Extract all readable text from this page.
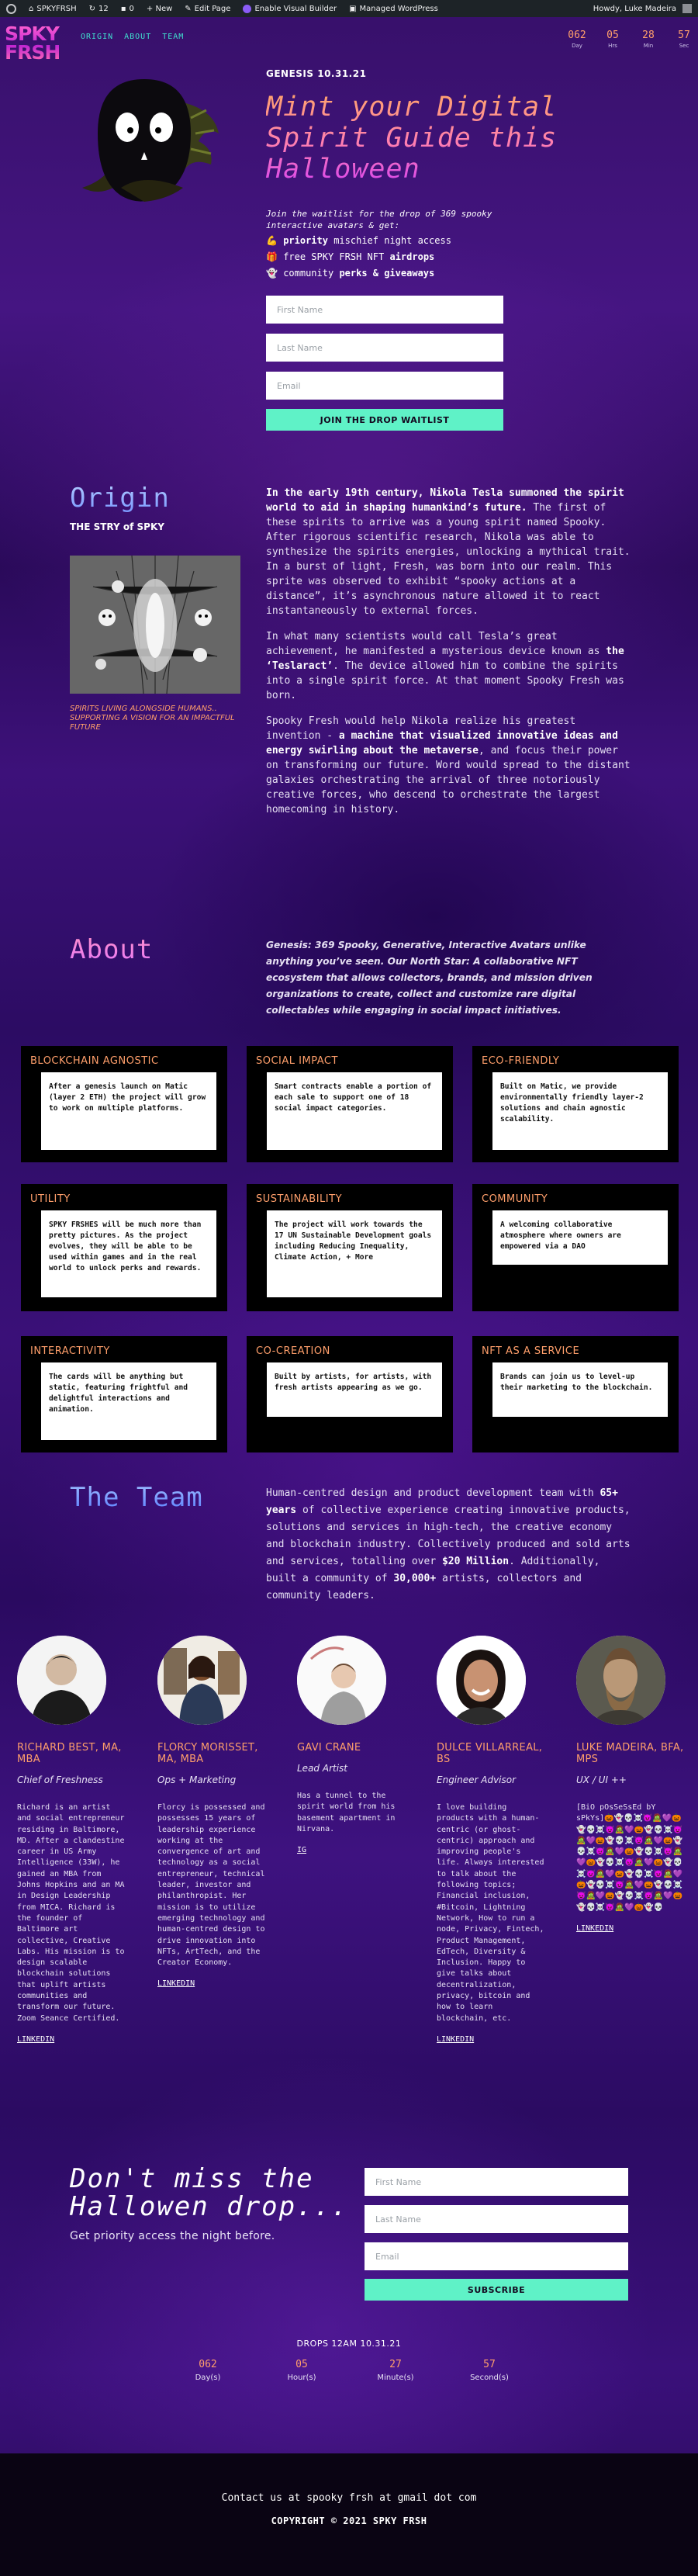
⌂ SPKYFRSH ↻ 12 ▪ 0 + New ✎ Edit Page	Enable Visual Builder ▣ Managed WordPress	Howdy, Luke Madeira
SPKY FRSH
ORIGIN ABOUT TEAM	062
Day
05
Hrs
28
Min
57
Sec
GENESIS 10.31.21
Mint your Digital Spirit Guide this Halloween
Join the waitlist for the drop of 369 spooky interactive avatars & get:
💪 priority mischief night access
🎁 free SPKY FRSH NFT airdrops
👻 community perks & giveaways
First Name
Last Name
Email
JOIN THE DROP WAITLIST
Origin
THE STRY of SPKY
SPIRITS LIVING ALONGSIDE HUMANS.. SUPPORTING A VISION FOR AN IMPACTFUL FUTURE

In the early 19th century, Nikola Tesla summoned the spirit world to aid in shaping humankind’s future. The first of these spirits to arrive was a young spirit named Spooky. After rigorous scientific research, Nikola was able to synthesize the spirits energies, unlocking a mythical trait. In a burst of light, Fresh, was born into our realm. This sprite was observed to exhibit “spooky actions at a distance”, it’s asynchronous nature allowed it to react instantaneously to external forces.

In what many scientists would call Tesla’s great achievement, he manifested a mysterious device known as the ‘Teslaract’. The device allowed him to combine the spirits into a single spirit force. At that moment Spooky Fresh was born.

Spooky Fresh would help Nikola realize his greatest invention - a machine that visualized innovative ideas and energy swirling about the metaverse, and focus their power on transforming our future. Word would spread to the distant galaxies orchestrating the arrival of three notoriously creative forces, who descend to orchestrate the largest homecoming in history.

About	Genesis: 369 Spooky, Generative, Interactive Avatars unlike anything you’ve seen. Our North Star: A collaborative NFT ecosystem that allows collectors, brands, and mission driven organizations to create, collect and customize rare digital collectables while engaging in social impact initiatives.
BLOCKCHAIN AGNOSTIC
After a genesis launch on Matic (layer 2 ETH) the project will grow to work on multiple platforms.
SOCIAL IMPACT
Smart contracts enable a portion of each sale to support one of 18 social impact categories.
ECO-FRIENDLY
Built on Matic, we provide environmentally friendly layer-2 solutions and chain agnostic scalability.
UTILITY
SPKY FRSHES will be much more than pretty pictures. As the project evolves, they will be able to be used within games and in the real world to unlock perks and rewards.
SUSTAINABILITY
The project will work towards the 17 UN Sustainable Development goals including Reducing Inequality, Climate Action, + More
COMMUNITY
A welcoming collaborative atmosphere where owners are empowered via a DAO
INTERACTIVITY
The cards will be anything but static, featuring frightful and delightful interactions and animation.
CO-CREATION
Built by artists, for artists, with fresh artists appearing as we go.
NFT AS A SERVICE
Brands can join us to level-up their marketing to the blockchain.
The Team	Human-centred design and product development team with 65+ years of collective experience creating innovative products, solutions and services in high-tech, the creative economy and blockchain industry. Collectively produced and sold arts and services, totalling over $20 Million. Additionally, built a community of 30,000+ artists, collectors and community leaders.
RICHARD BEST, MA, MBA
Chief of Freshness
Richard is an artist and social entrepreneur residing in Baltimore, MD. After a clandestine career in US Army Intelligence (33W), he gained an MBA from Johns Hopkins and an MA in Design Leadership from MICA. Richard is the founder of Baltimore art collective, Creative Labs. His mission is to design scalable blockchain solutions that uplift artists communities and transform our future. Zoom Seance Certified.
LINKEDIN
FLORCY MORISSET, MA, MBA
Ops + Marketing
Florcy is possessed and possesses 15 years of leadership experience working at the convergence of art and technology as a social entrepreneur, technical leader, investor and philanthropist. Her mission is to utilize emerging technology and human-centred design to drive innovation into NFTs, ArtTech, and the Creator Economy.
LINKEDIN
GAVI CRANE
Lead Artist
Has a tunnel to the spirit world from his basement apartment in Nirvana.
IG
DULCE VILLARREAL, BS
Engineer Advisor
I love building products with a human-centric (or ghost-centric) approach and improving people's life. Always interested to talk about the following topics; Financial inclusion, #Bitcoin, Lightning Network, How to run a node, Privacy, Fintech, Product Management, EdTech, Diversity & Inclusion. Happy to give talks about decentralization, privacy, bitcoin and how to learn blockchain, etc.
LINKEDIN
LUKE MADEIRA, BFA, MPS
UX / UI ++
[BiO pOsSeSsEd bY sPkYs]🎃👻💀☠️😈🧟💜🎃👻💀☠️😈🧟💜🎃👻💀☠️😈🧟💜🎃👻💀☠️😈🧟💜🎃👻💀☠️😈🧟💜🎃👻💀☠️😈🧟💜🎃👻💀☠️😈🧟💜🎃👻💀☠️😈🧟💜🎃👻💀☠️😈🧟💜🎃👻💀☠️😈🧟💜🎃👻💀☠️😈🧟💜🎃👻💀☠️😈🧟💜🎃👻💀☠️😈🧟💜🎃👻💀
LINKEDIN
Don't miss the Hallowen drop...
Get priority access the night before.
First Name
Last Name
Email
SUBSCRIBE
DROPS 12AM 10.31.21
062
Day(s)
05
Hour(s)
27
Minute(s)
57
Second(s)
Contact us at spooky frsh at gmail dot com
COPYRIGHT © 2021 SPKY FRSH
